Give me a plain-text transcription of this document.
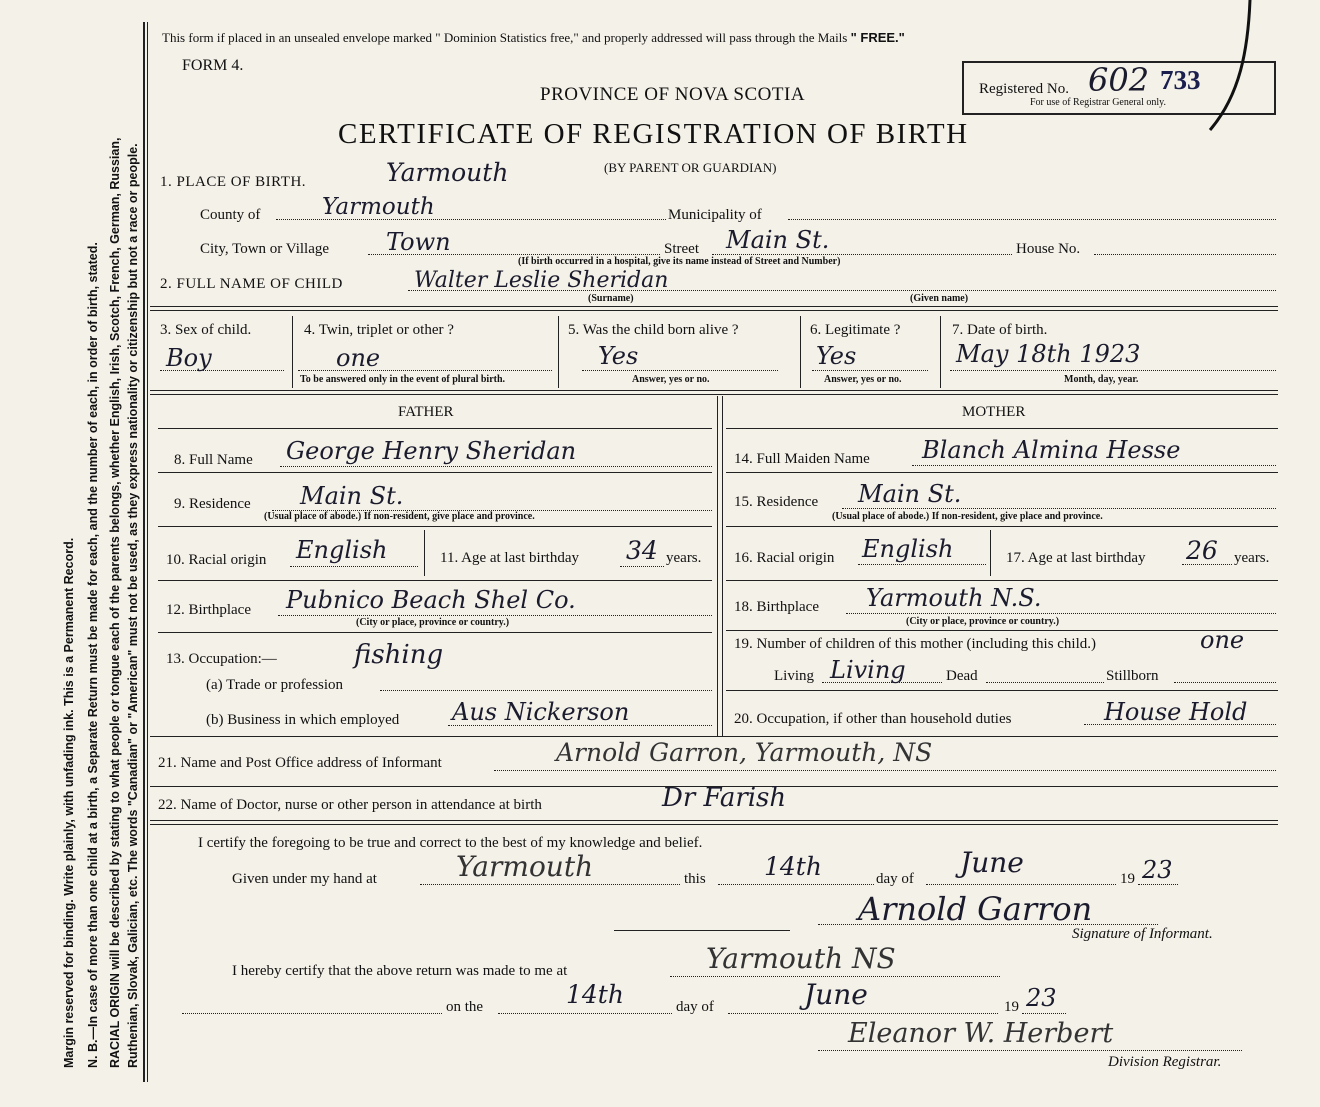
Margin reserved for binding. Write plainly, with unfading ink. This is a Permanent Record. N. B.—In case of more than one child at a birth, a Separate Return must be made for each, and the number of each, in order of birth, stated. RACIAL ORIGIN will be described by stating to what people or tongue each of the parents belongs, whether English, Irish, Scotch, French, German, Russian, Ruthenian, Slovak, Galician, etc. The words "Canadian" or "American" must not be used, as they express nationality or citizenship but not a race or people.
This form if placed in an unsealed envelope marked " Dominion Statistics free," and properly addressed will pass through the Mails " FREE."
FORM 4.
PROVINCE OF NOVA SCOTIA
CERTIFICATE OF REGISTRATION OF BIRTH
(BY PARENT OR GUARDIAN)
Registered No. 602 733
For use of Registrar General only.
1. PLACE OF BIRTH.	Yarmouth
County of	Yarmouth	Municipality of
City, Town or Village Town	Street Main St.	House No.
(If birth occurred in a hospital, give its name instead of Street and Number)
2. FULL NAME OF CHILD	Walter Leslie Sheridan
(Surname)	(Given name)
3. Sex of child.
Boy
4. Twin, triplet or other ?
one
To be answered only in the event of plural birth.
5. Was the child born alive ?
Yes
Answer, yes or no.
6. Legitimate ?
Yes
Answer, yes or no.
7. Date of birth.
May 18th 1923
Month, day, year.
FATHER	MOTHER
8. Full Name George Henry Sheridan
9. Residence Main St.
(Usual place of abode.) If non-resident, give place and province.
10. Racial origin English	11. Age at last birthday 34 years.
12. Birthplace Pubnico Beach Shel Co.
(City or place, province or country.)
13. Occupation:—	fishing
(a) Trade or profession
(b) Business in which employed Aus Nickerson
14. Full Maiden Name Blanch Almina Hesse
15. Residence Main St.
(Usual place of abode.) If non-resident, give place and province.
16. Racial origin English	17. Age at last birthday 26 years.
18. Birthplace Yarmouth N.S.
(City or place, province or country.)
19. Number of children of this mother (including this child.)	one
Living Living	Dead	Stillborn
20. Occupation, if other than household duties	House Hold
21. Name and Post Office address of Informant	Arnold Garron, Yarmouth, NS
22. Name of Doctor, nurse or other person in attendance at birth	Dr Farish
I certify the foregoing to be true and correct to the best of my knowledge and belief.
Given under my hand at	Yarmouth	this 14th	day of June	19 23
Arnold Garron
Signature of Informant.
I hereby certify that the above return was made to me at	Yarmouth NS
on the	14th	day of	June	19 23
Eleanor W. Herbert
Division Registrar.
